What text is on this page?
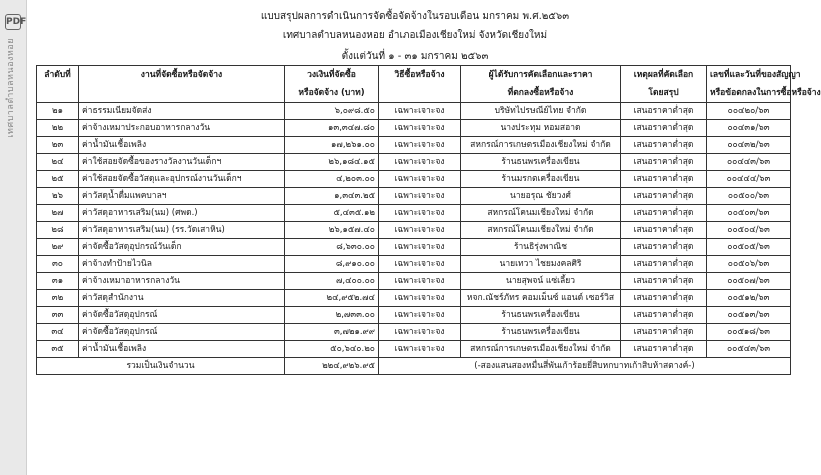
PDF
เทศบาลตำบลหนองหอย
แบบสรุปผลการดำเนินการจัดซื้อจัดจ้างในรอบเดือน มกราคม พ.ศ.๒๕๖๓
เทศบาลตำบลหนองหอย อำเภอเมืองเชียงใหม่ จังหวัดเชียงใหม่
ตั้งแต่วันที่ ๑ - ๓๑ มกราคม ๒๕๖๓
ลำดับที่	งานที่จัดซื้อหรือจัดจ้าง	วงเงินที่จัดซื้อ	วิธีซื้อหรือจ้าง	ผู้ได้รับการคัดเลือกและราคา	เหตุผลที่คัดเลือก	เลขที่และวันที่ของสัญญา
		หรือจัดจ้าง (บาท)		ที่ตกลงซื้อหรือจ้าง	โดยสรุป	หรือข้อตกลงในการซื้อหรือจ้าง
๒๑	ค่าธรรมเนียมจัดส่ง	๖,๐๙๘.๕๐	เฉพาะเจาะจง	บริษัทไปรษณีย์ไทย จำกัด	เสนอราคาต่ำสุด	๐๐๔๒๐/๖๓
๒๒	ค่าจ้างเหมาประกอบอาหารกลางวัน	๑๓,๓๔๗.๘๐	เฉพาะเจาะจง	นางประทุม หอมสอาด	เสนอราคาต่ำสุด	๐๐๔๓๑/๖๓
๒๓	ค่าน้ำมันเชื้อเพลิง	๑๗,๒๖๑.๐๐	เฉพาะเจาะจง	สหกรณ์การเกษตรเมืองเชียงใหม่ จำกัด	เสนอราคาต่ำสุด	๐๐๔๓๒/๖๓
๒๔	ค่าใช้สอยจัดซื้อของรางวัลงานวันเด็กฯ	๒๖,๑๘๔.๑๕	เฉพาะเจาะจง	ร้านธนพรเครื่องเขียน	เสนอราคาต่ำสุด	๐๐๔๔๓/๖๓
๒๕	ค่าใช้สอยจัดซื้อวัสดุและอุปกรณ์งานวันเด็กฯ	๔,๒๐๓.๐๐	เฉพาะเจาะจง	ร้านมรกตเครื่องเขียน	เสนอราคาต่ำสุด	๐๐๔๔๔/๖๓
๒๖	ค่าวัสดุน้ำดื่มแพคบาลฯ	๑,๓๔๓.๒๕	เฉพาะเจาะจง	นายอรุณ ชัยวงศ์	เสนอราคาต่ำสุด	๐๐๕๐๐/๖๓
๒๗	ค่าวัสดุอาหารเสริม(นม) (ศพด.)	๕,๔๓๕.๑๒	เฉพาะเจาะจง	สหกรณ์โคนมเชียงใหม่ จำกัด	เสนอราคาต่ำสุด	๐๐๕๐๓/๖๓
๒๘	ค่าวัสดุอาหารเสริม(นม) (รร.วัดเสาหิน)	๒๖,๑๕๗.๔๐	เฉพาะเจาะจง	สหกรณ์โคนมเชียงใหม่ จำกัด	เสนอราคาต่ำสุด	๐๐๕๐๔/๖๓
๒๙	ค่าจัดซื้อวัสดุอุปกรณ์วันเด็ก	๘,๖๓๐.๐๐	เฉพาะเจาะจง	ร้านธิรุ่งพาณิช	เสนอราคาต่ำสุด	๐๐๕๐๕/๖๓
๓๐	ค่าจ้างทำป้ายไวนิล	๘,๙๑๐.๐๐	เฉพาะเจาะจง	นายเทวา ไชยมงคลศิริ	เสนอราคาต่ำสุด	๐๐๕๐๖/๖๓
๓๑	ค่าจ้างเหมาอาหารกลางวัน	๗,๔๐๐.๐๐	เฉพาะเจาะจง	นายสุพจน์ แซ่เลี้ยว	เสนอราคาต่ำสุด	๐๐๕๐๗/๖๓
๓๒	ค่าวัสดุสำนักงาน	๒๔,๙๕๒.๗๔	เฉพาะเจาะจง	หจก.ณัชร์ภัทร คอมเม็นซ์ แอนด์ เซอร์วิส	เสนอราคาต่ำสุด	๐๐๕๑๒/๖๓
๓๓	ค่าจัดซื้อวัสดุอุปกรณ์	๒,๗๓๓.๐๐	เฉพาะเจาะจง	ร้านธนพรเครื่องเขียน	เสนอราคาต่ำสุด	๐๐๕๑๓/๖๓
๓๔	ค่าจัดซื้อวัสดุอุปกรณ์	๓,๗๒๑.๙๙	เฉพาะเจาะจง	ร้านธนพรเครื่องเขียน	เสนอราคาต่ำสุด	๐๐๕๑๘/๖๓
๓๕	ค่าน้ำมันเชื้อเพลิง	๕๐,๖๔๐.๒๐	เฉพาะเจาะจง	สหกรณ์การเกษตรเมืองเชียงใหม่ จำกัด	เสนอราคาต่ำสุด	๐๐๕๔๓/๖๓
รวมเป็นเงินจำนวน		๒๒๔,๙๒๖.๙๕	(-สองแสนสองหมื่นสี่พันเก้าร้อยยี่สิบหกบาทเก้าสิบห้าสตางค์-)			
